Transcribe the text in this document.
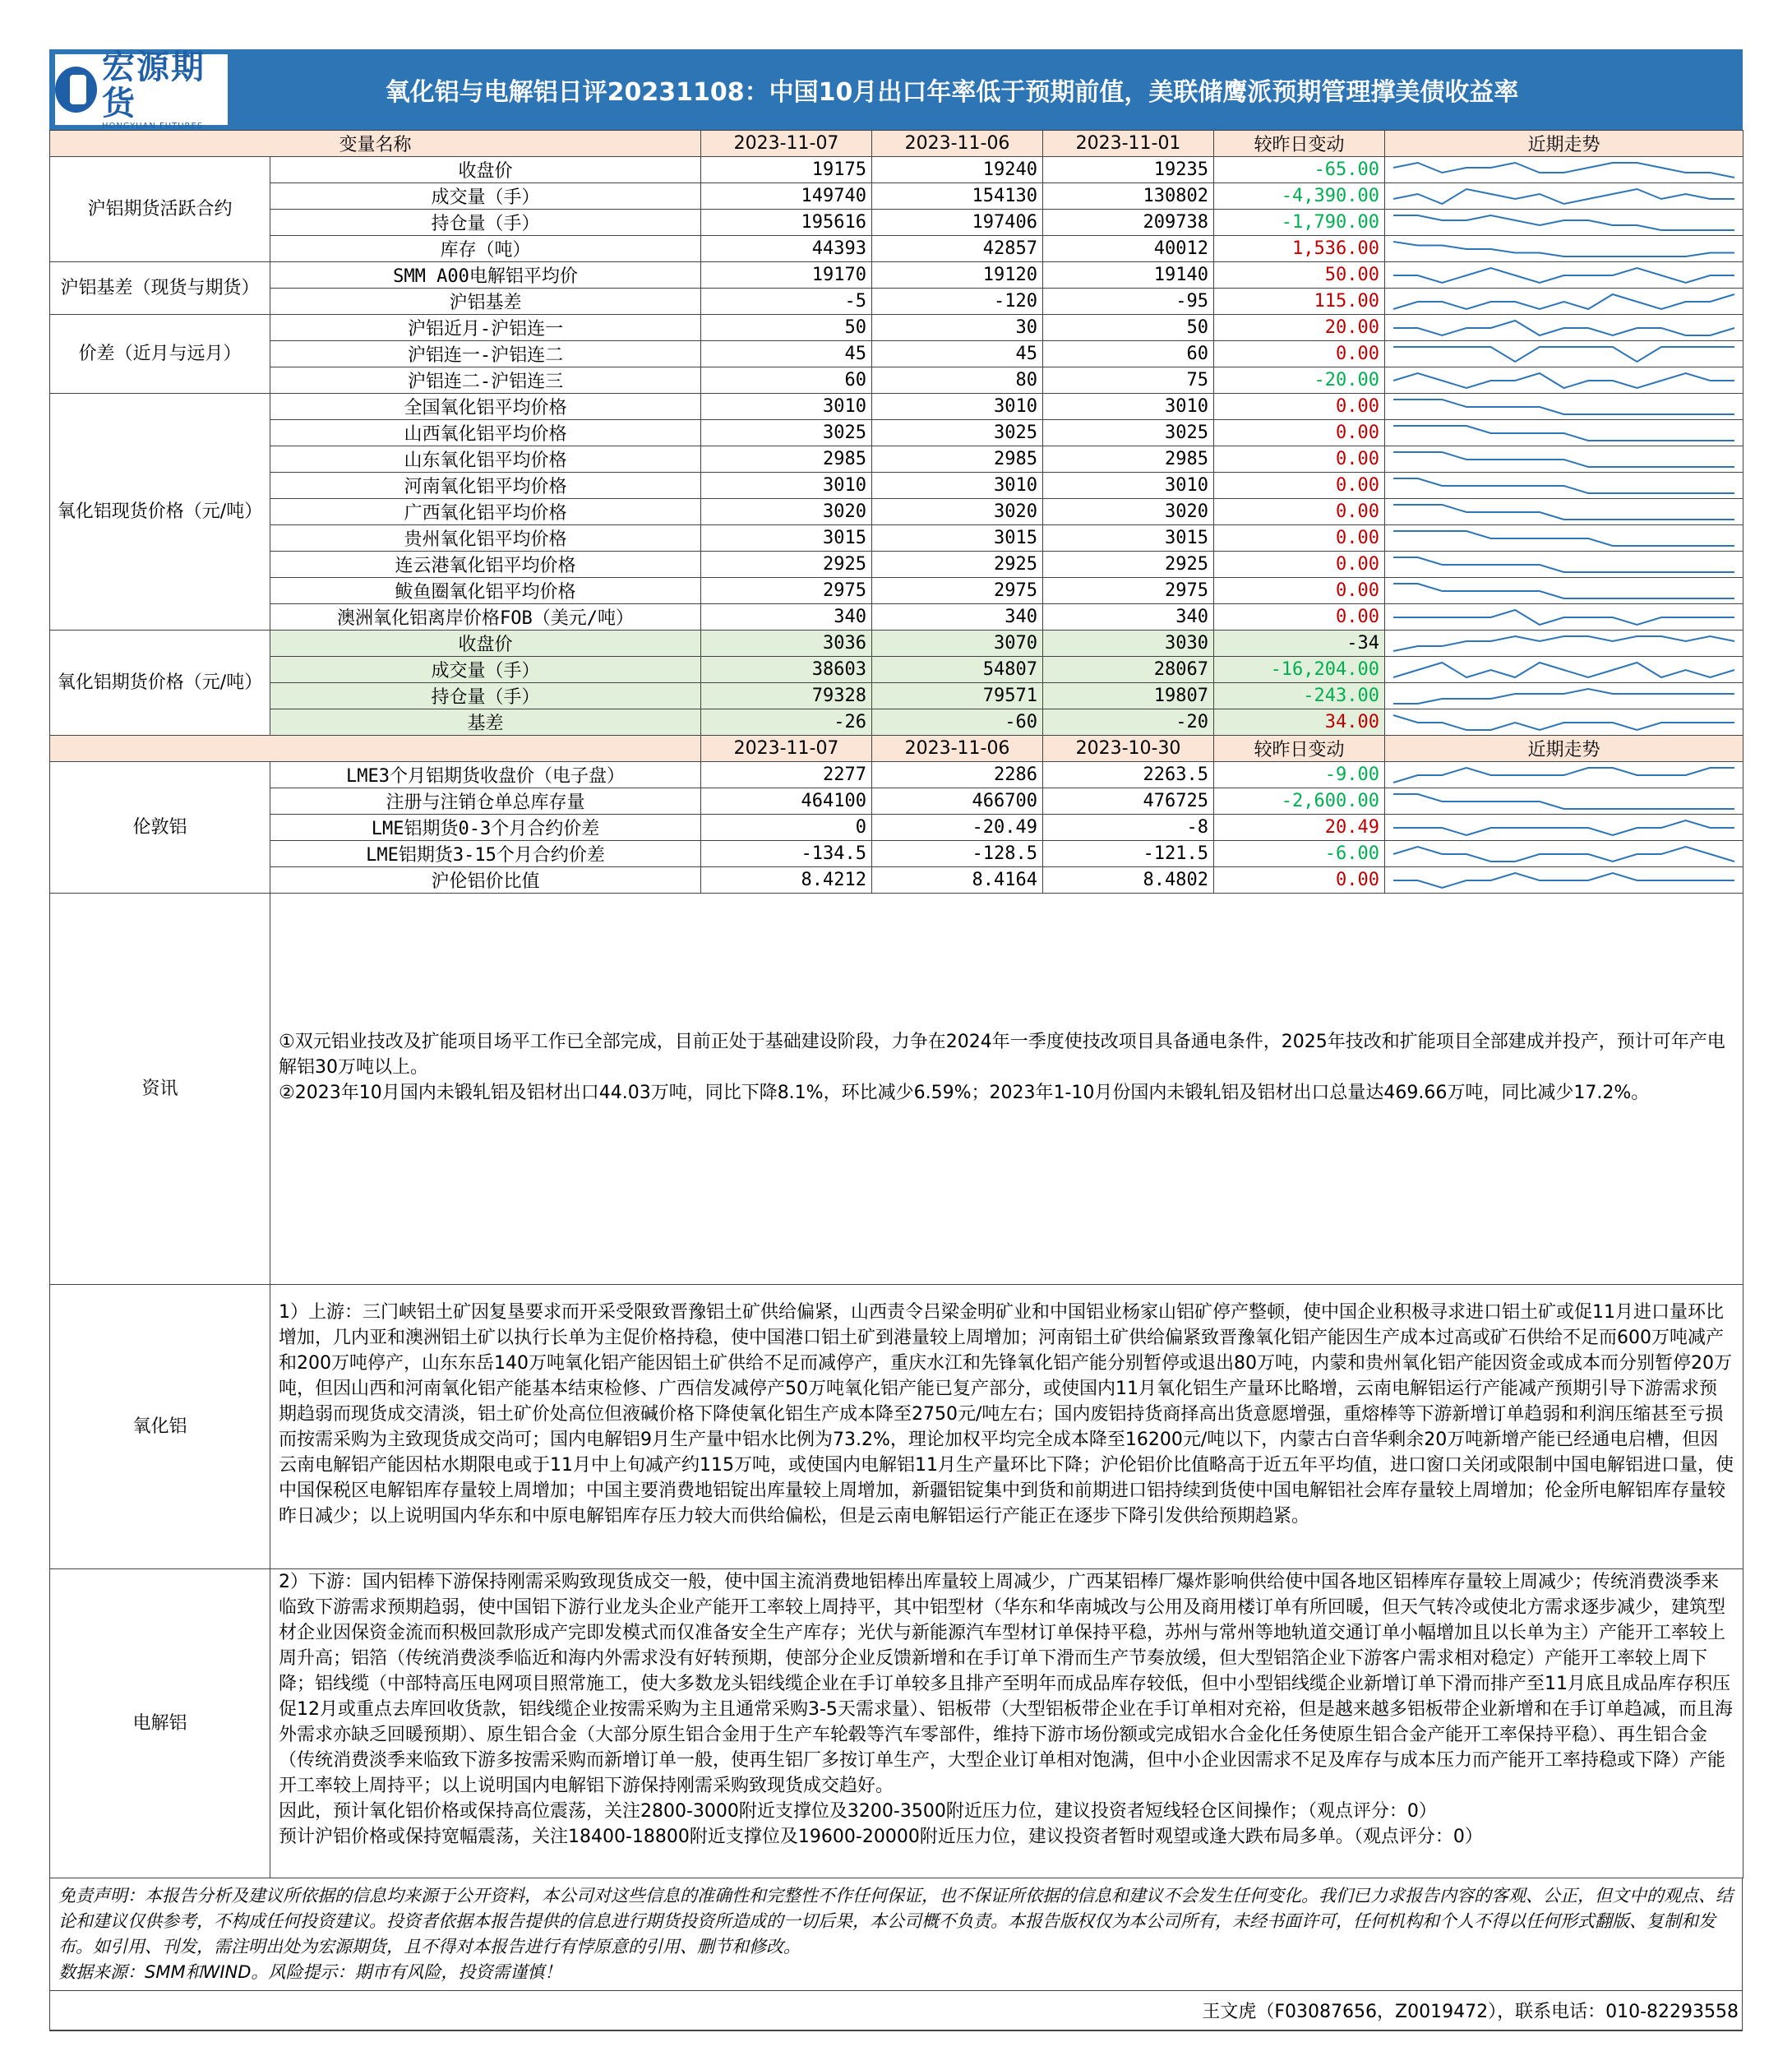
宏源期货
HONGYUAN FUTURES
氧化铝与电解铝日评20231108：中国10月出口年率低于预期前值，美联储鹰派预期管理撑美债收益率
变量名称		2023-11-07	2023-11-06	2023-11-01	较昨日变动	近期走势
沪铝期货活跃合约	收盘价	19175	19240	19235	-65.00	

	成交量（手）	149740	154130	130802	-4,390.00	

	持仓量（手）	195616	197406	209738	-1,790.00	

	库存（吨）	44393	42857	40012	1,536.00	

沪铝基差（现货与期货）	SMM A00电解铝平均价	19170	19120	19140	50.00	

	沪铝基差	-5	-120	-95	115.00	

价差（近月与远月）	沪铝近月-沪铝连一	50	30	50	20.00	

	沪铝连一-沪铝连二	45	45	60	0.00	

	沪铝连二-沪铝连三	60	80	75	-20.00	

氧化铝现货价格（元/吨）	全国氧化铝平均价格	3010	3010	3010	0.00	

	山西氧化铝平均价格	3025	3025	3025	0.00	

	山东氧化铝平均价格	2985	2985	2985	0.00	

	河南氧化铝平均价格	3010	3010	3010	0.00	

	广西氧化铝平均价格	3020	3020	3020	0.00	

	贵州氧化铝平均价格	3015	3015	3015	0.00	

	连云港氧化铝平均价格	2925	2925	2925	0.00	

	鲅鱼圈氧化铝平均价格	2975	2975	2975	0.00	

	澳洲氧化铝离岸价格FOB（美元/吨）	340	340	340	0.00	

氧化铝期货价格（元/吨）	收盘价	3036	3070	3030	-34	

	成交量（手）	38603	54807	28067	-16,204.00	

	持仓量（手）	79328	79571	19807	-243.00	

	基差	-26	-60	-20	34.00	

		2023-11-07	2023-11-06	2023-10-30	较昨日变动	近期走势
伦敦铝	LME3个月铝期货收盘价（电子盘）	2277	2286	2263.5	-9.00	

	注册与注销仓单总库存量	464100	466700	476725	-2,600.00	

	LME铝期货0-3个月合约价差	0	-20.49	-8	20.49	

	LME铝期货3-15个月合约价差	-134.5	-128.5	-121.5	-6.00	

	沪伦铝价比值	8.4212	8.4164	8.4802	0.00	

资讯	①双元铝业技改及扩能项目场平工作已全部完成，目前正处于基础建设阶段，力争在2024年一季度使技改项目具备通电条件，2025年技改和扩能项目全部建成并投产，预计可年产电解铝30万吨以上。
②2023年10月国内未锻轧铝及铝材出口44.03万吨，同比下降8.1%，环比减少6.59%；2023年1-10月份国内未锻轧铝及铝材出口总量达469.66万吨，同比减少17.2%。					

氧化铝	1）上游：三门峡铝土矿因复垦要求而开采受限致晋豫铝土矿供给偏紧，山西责令吕梁金明矿业和中国铝业杨家山铝矿停产整顿，使中国企业积极寻求进口铝土矿或促11月进口量环比增加，几内亚和澳洲铝土矿以执行长单为主促价格持稳，使中国港口铝土矿到港量较上周增加；河南铝土矿供给偏紧致晋豫氧化铝产能因生产成本过高或矿石供给不足而600万吨减产和200万吨停产，山东东岳140万吨氧化铝产能因铝土矿供给不足而减停产，重庆水江和先锋氧化铝产能分别暂停或退出80万吨，内蒙和贵州氧化铝产能因资金或成本而分别暂停20万吨，但因山西和河南氧化铝产能基本结束检修、广西信发减停产50万吨氧化铝产能已复产部分，或使国内11月氧化铝生产量环比略增，云南电解铝运行产能减产预期引导下游需求预期趋弱而现货成交清淡，铝土矿价处高位但液碱价格下降使氧化铝生产成本降至2750元/吨左右；国内废铝持货商择高出货意愿增强，重熔棒等下游新增订单趋弱和利润压缩甚至亏损而按需采购为主致现货成交尚可；国内电解铝9月生产量中铝水比例为73.2%，理论加权平均完全成本降至16200元/吨以下，内蒙古白音华剩余20万吨新增产能已经通电启槽，但因云南电解铝产能因枯水期限电或于11月中上旬减产约115万吨，或使国内电解铝11月生产量环比下降；沪伦铝价比值略高于近五年平均值，进口窗口关闭或限制中国电解铝进口量，使中国保税区电解铝库存量较上周增加；中国主要消费地铝锭出库量较上周增加，新疆铝锭集中到货和前期进口铝持续到货使中国电解铝社会库存量较上周增加；伦金所电解铝库存量较昨日减少；以上说明国内华东和中原电解铝库存压力较大而供给偏松，但是云南电解铝运行产能正在逐步下降引发供给预期趋紧。					

电解铝	2）下游：国内铝棒下游保持刚需采购致现货成交一般，使中国主流消费地铝棒出库量较上周减少，广西某铝棒厂爆炸影响供给使中国各地区铝棒库存量较上周减少；传统消费淡季来临致下游需求预期趋弱，使中国铝下游行业龙头企业产能开工率较上周持平，其中铝型材（华东和华南城改与公用及商用楼订单有所回暖，但天气转冷或使北方需求逐步减少，建筑型材企业因保资金流而积极回款形成产完即发模式而仅准备安全生产库存；光伏与新能源汽车型材订单保持平稳，苏州与常州等地轨道交通订单小幅增加且以长单为主）产能开工率较上周升高；铝箔（传统消费淡季临近和海内外需求没有好转预期，使部分企业反馈新增和在手订单下滑而生产节奏放缓，但大型铝箔企业下游客户需求相对稳定）产能开工率较上周下降；铝线缆（中部特高压电网项目照常施工，使大多数龙头铝线缆企业在手订单较多且排产至明年而成品库存较低，但中小型铝线缆企业新增订单下滑而排产至11月底且成品库存积压促12月或重点去库回收货款，铝线缆企业按需采购为主且通常采购3-5天需求量）、铝板带（大型铝板带企业在手订单相对充裕，但是越来越多铝板带企业新增和在手订单趋减，而且海外需求亦缺乏回暖预期）、原生铝合金（大部分原生铝合金用于生产车轮毂等汽车零部件，维持下游市场份额或完成铝水合金化任务使原生铝合金产能开工率保持平稳）、再生铝合金（传统消费淡季来临致下游多按需采购而新增订单一般，使再生铝厂多按订单生产，大型企业订单相对饱满，但中小企业因需求不足及库存与成本压力而产能开工率持稳或下降）产能开工率较上周持平；以上说明国内电解铝下游保持刚需采购致现货成交趋好。
因此，预计氧化铝价格或保持高位震荡，关注2800-3000附近支撑位及3200-3500附近压力位，建议投资者短线轻仓区间操作；（观点评分：0）
预计沪铝价格或保持宽幅震荡，关注18400-18800附近支撑位及19600-20000附近压力位，建议投资者暂时观望或逢大跌布局多单。（观点评分：0）					
免责声明：本报告分析及建议所依据的信息均来源于公开资料，本公司对这些信息的准确性和完整性不作任何保证，也不保证所依据的信息和建议不会发生任何变化。我们已力求报告内容的客观、公正，但文中的观点、结论和建议仅供参考，不构成任何投资建议。投资者依据本报告提供的信息进行期货投资所造成的一切后果，本公司概不负责。本报告版权仅为本公司所有，未经书面许可，任何机构和个人不得以任何形式翻版、复制和发布。如引用、刊发，需注明出处为宏源期货，且不得对本报告进行有悖原意的引用、删节和修改。
数据来源：SMM和WIND。风险提示：期市有风险，投资需谨慎！
王文虎（F03087656，Z0019472），联系电话：010-82293558
